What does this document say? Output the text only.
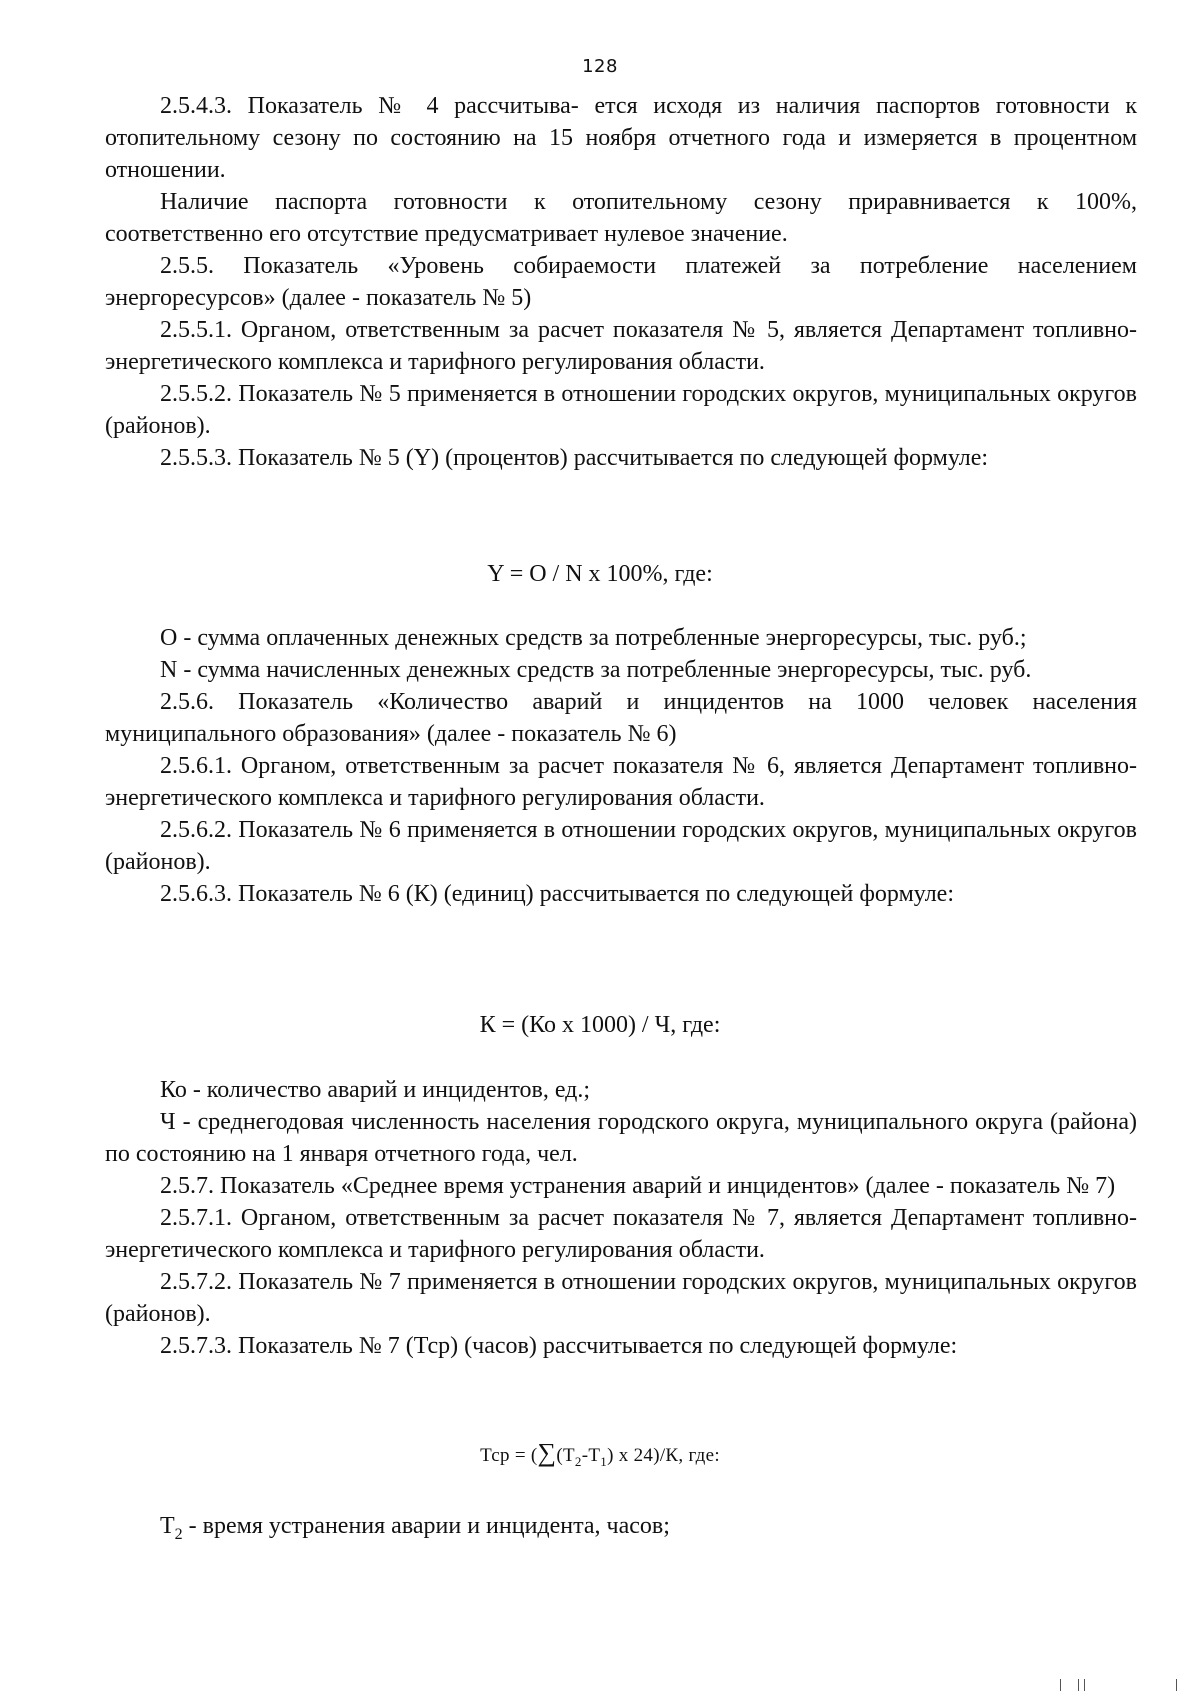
128

2.5.4.3. Показатель № 4 рассчитыва- ется исходя из наличия паспортов готовности к отопительному сезону по состоянию на 15 ноября отчетного года и измеряется в процентном отношении.

Наличие паспорта готовности к отопительному сезону приравнивается к 100%, соответственно его отсутствие предусматривает нулевое значение.

2.5.5. Показатель «Уровень собираемости платежей за потребление населением энергоресурсов» (далее - показатель № 5)

2.5.5.1. Органом, ответственным за расчет показателя № 5, является Департамент топливно-энергетического комплекса и тарифного регулирования области.

2.5.5.2. Показатель № 5 применяется в отношении городских округов, муниципальных округов (районов).

2.5.5.3. Показатель № 5 (Y) (процентов) рассчитывается по следующей формуле:

Y = O / N x 100%, где:

O - сумма оплаченных денежных средств за потребленные энергоресурсы, тыс. руб.;

N - сумма начисленных денежных средств за потребленные энергоресурсы, тыс. руб.

2.5.6. Показатель «Количество аварий и инцидентов на 1000 человек населения муниципального образования» (далее - показатель № 6)

2.5.6.1. Органом, ответственным за расчет показателя № 6, является Департамент топливно-энергетического комплекса и тарифного регулирования области.

2.5.6.2. Показатель № 6 применяется в отношении городских округов, муниципальных округов (районов).

2.5.6.3. Показатель № 6 (К) (единиц) рассчитывается по следующей формуле:

К = (Ко x 1000) / Ч, где:

Ко - количество аварий и инцидентов, ед.;

Ч - среднегодовая численность населения городского округа, муниципального округа (района) по состоянию на 1 января отчетного года, чел.

2.5.7. Показатель «Среднее время устранения аварий и инцидентов» (далее - показатель № 7)

2.5.7.1. Органом, ответственным за расчет показателя № 7, является Департамент топливно-энергетического комплекса и тарифного регулирования области.

2.5.7.2. Показатель № 7 применяется в отношении городских округов, муниципальных округов (районов).

2.5.7.3. Показатель № 7 (Тср) (часов) рассчитывается по следующей формуле:

Тср = ($\sum(Т_2-Т_1)$ x 24)/К, где:

$Т_2$ - время устранения аварии и инцидента, часов;
